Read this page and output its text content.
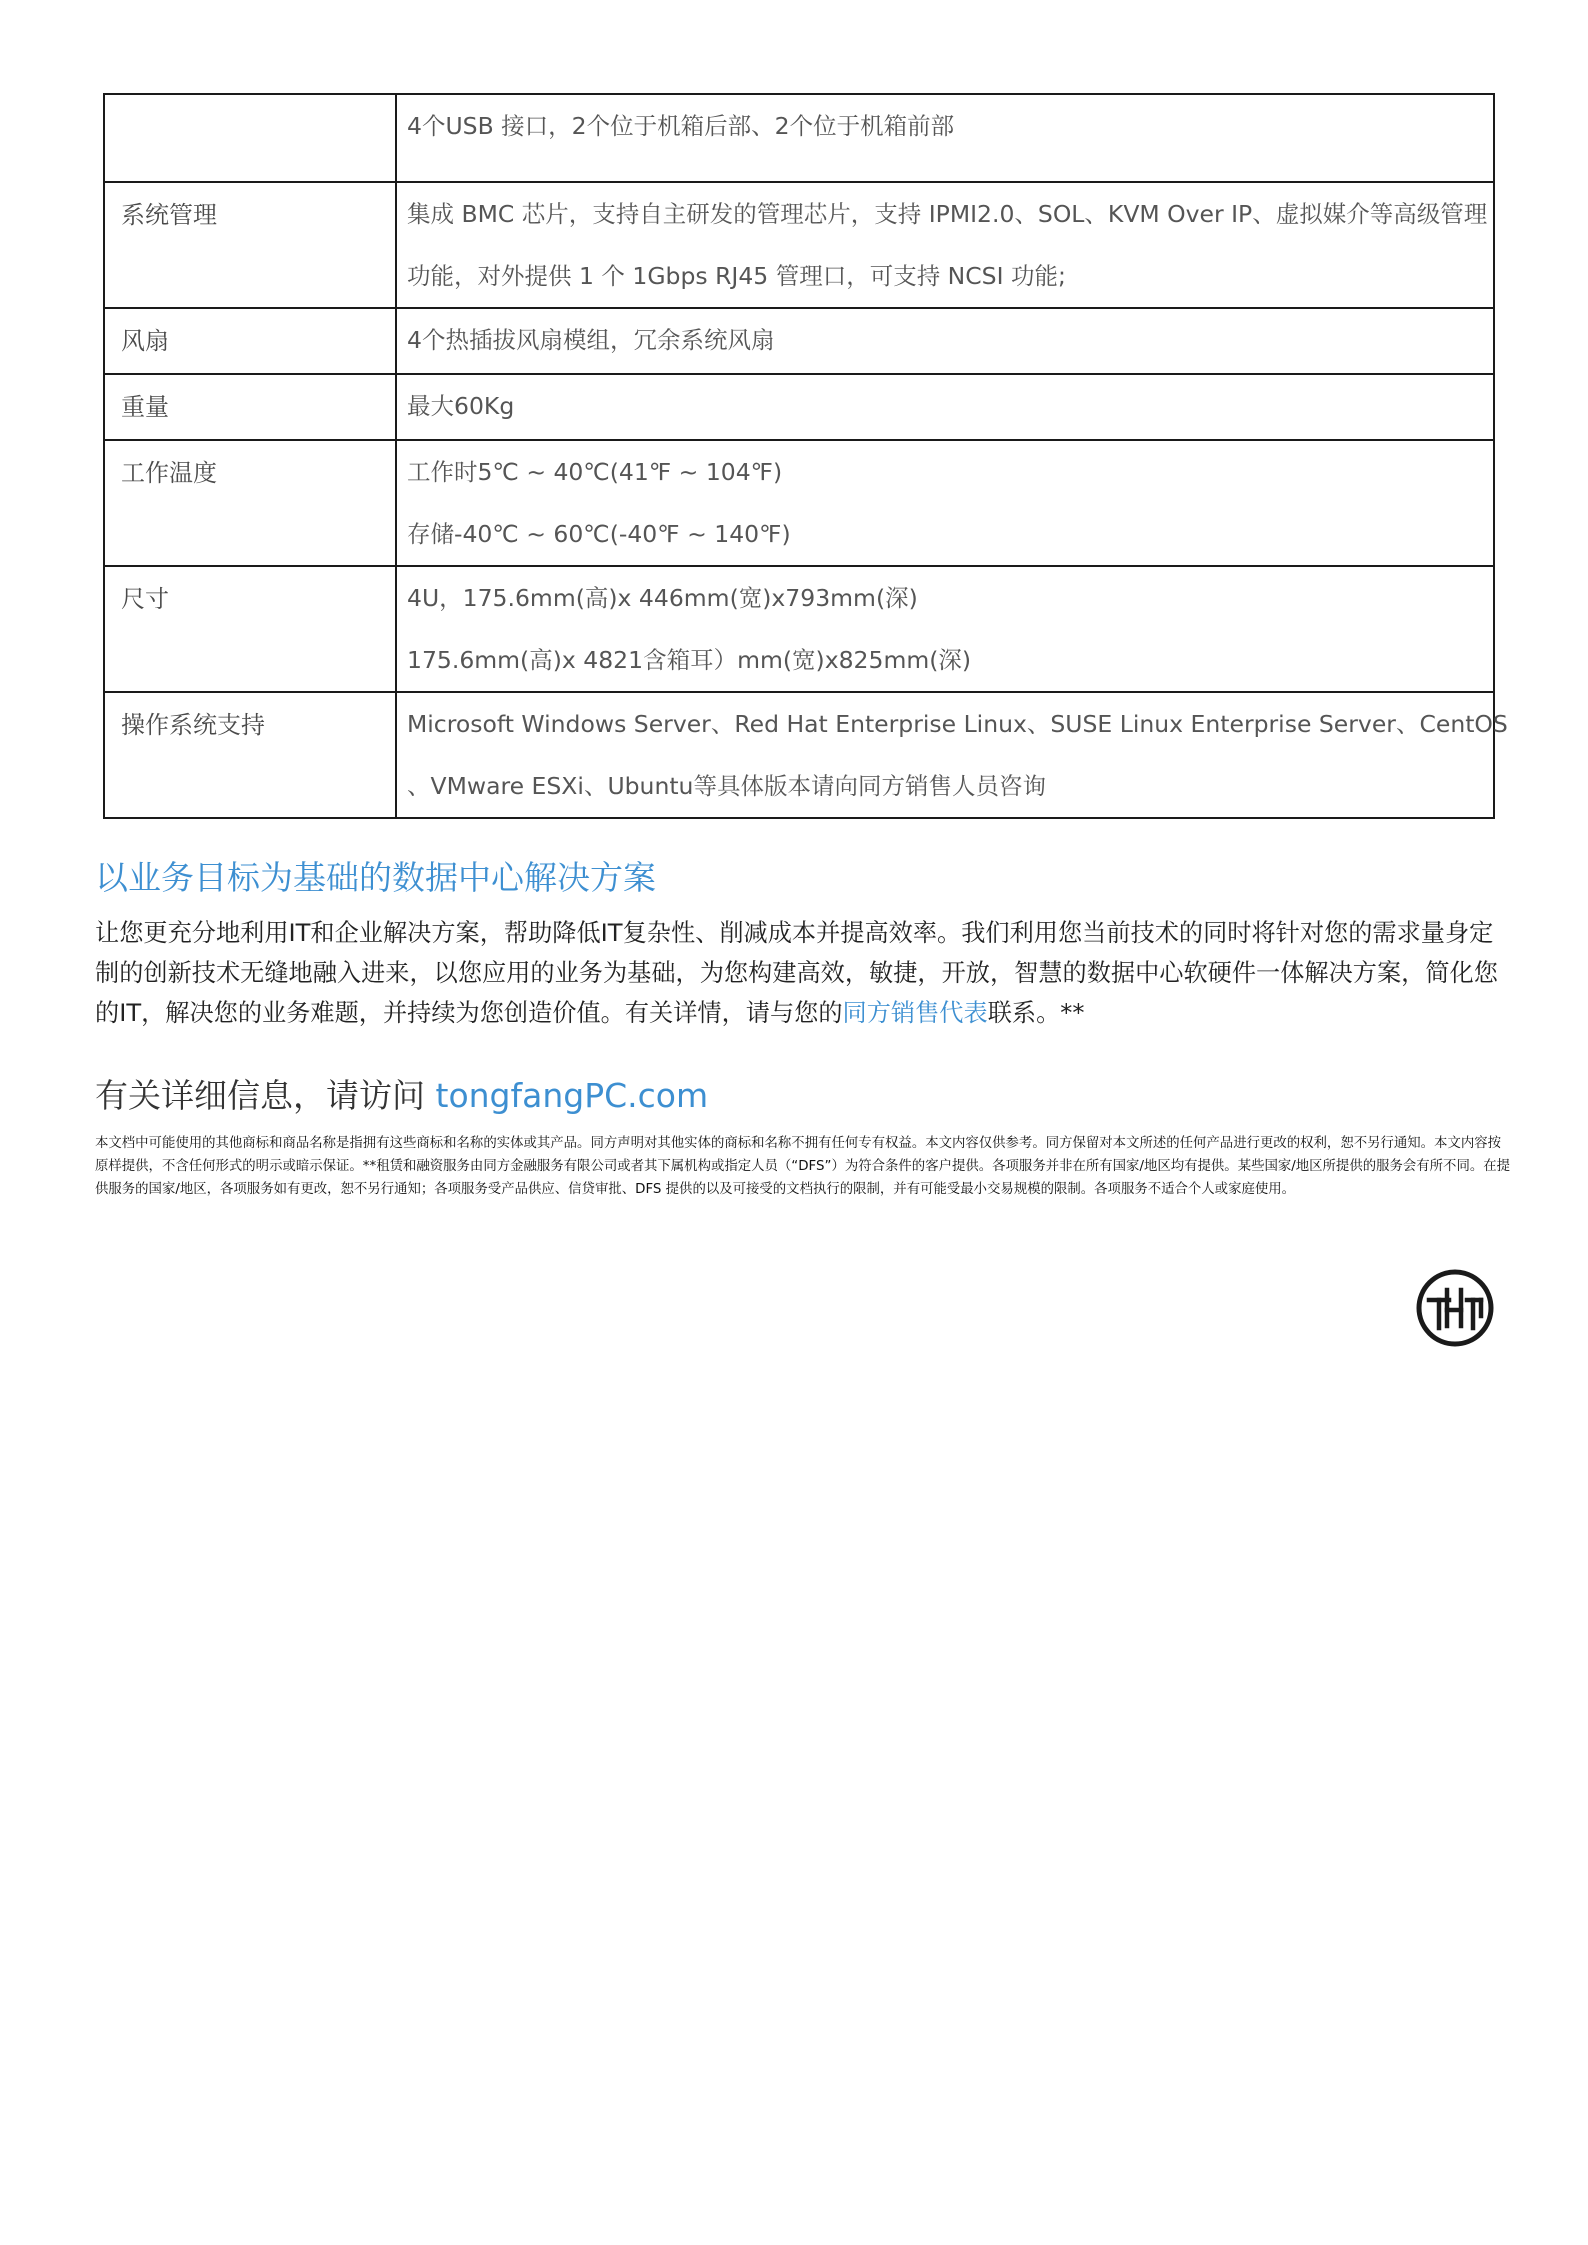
	4个USB 接口，2个位于机箱后部、2个位于机箱前部

系统管理	集成 BMC 芯片，支持自主研发的管理芯片，支持 IPMI2.0、SOL、KVM Over IP、虚拟媒介等高级管理
功能，对外提供 1 个 1Gbps RJ45 管理口，可支持 NCSI 功能;

风扇	4个热插拔风扇模组，冗余系统风扇

重量	最大60Kg

工作温度	工作时5℃ ~ 40℃(41℉ ~ 104℉)
存储-40℃ ~ 60℃(-40℉ ~ 140℉)

尺寸	4U，175.6mm(高)x 446mm(宽)x793mm(深)
175.6mm(高)x 4821含箱耳）mm(宽)x825mm(深)

操作系统支持	Microsoft Windows Server、Red Hat Enterprise Linux、SUSE Linux Enterprise Server、CentOS
、VMware ESXi、Ubuntu等具体版本请向同方销售人员咨询
以业务目标为基础的数据中心解决方案

让您更充分地利用IT和企业解决方案，帮助降低IT复杂性、削减成本并提高效率。我们利用您当前技术的同时将针对您的需求量身定制的创新技术无缝地融入进来，以您应用的业务为基础，为您构建高效，敏捷，开放，智慧的数据中心软硬件一体解决方案，简化您的IT，解决您的业务难题，并持续为您创造价值。有关详情，请与您的同方销售代表联系。**

有关详细信息，请访问 tongfangPC.com

本文档中可能使用的其他商标和商品名称是指拥有这些商标和名称的实体或其产品。同方声明对其他实体的商标和名称不拥有任何专有权益。本文内容仅供参考。同方保留对本文所述的任何产品进行更改的权利，恕不另行通知。本文内容按原样提供，不含任何形式的明示或暗示保证。**租赁和融资服务由同方金融服务有限公司或者其下属机构或指定人员（“DFS”）为符合条件的客户提供。各项服务并非在所有国家/地区均有提供。某些国家/地区所提供的服务会有所不同。在提供服务的国家/地区，各项服务如有更改，恕不另行通知；各项服务受产品供应、信贷审批、DFS 提供的以及可接受的文档执行的限制，并有可能受最小交易规模的限制。各项服务不适合个人或家庭使用。
